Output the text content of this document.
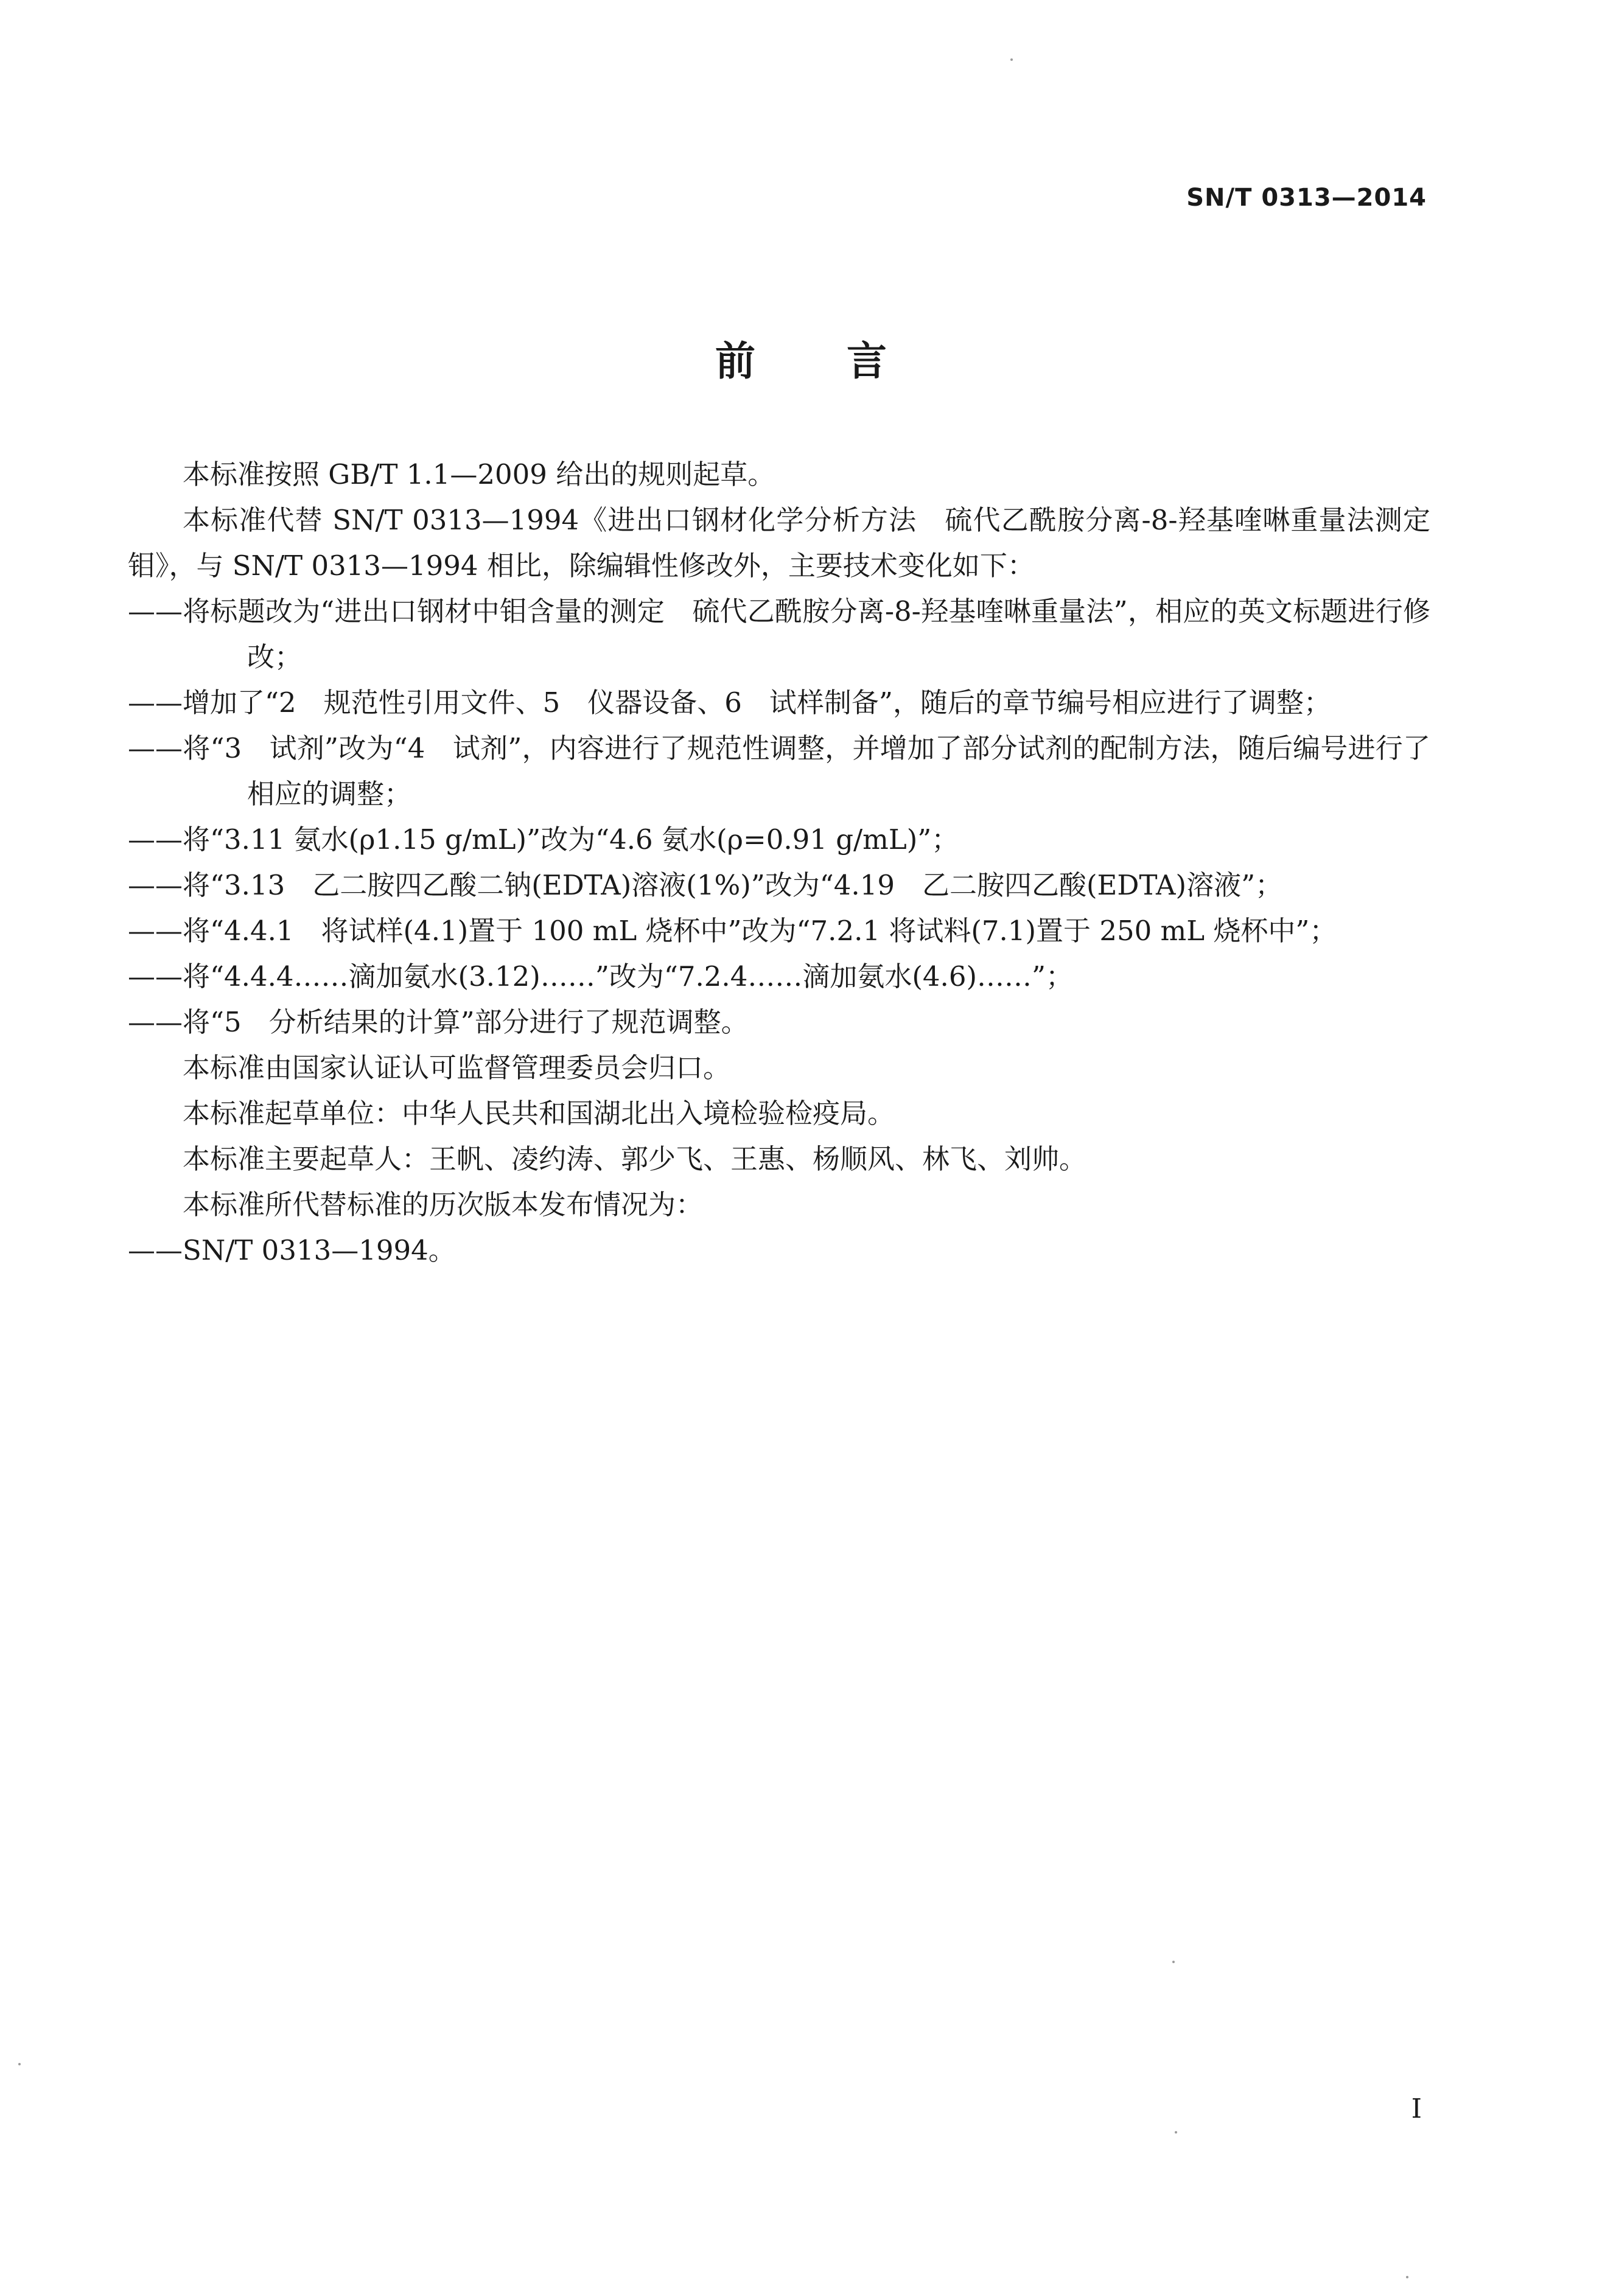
SN/T 0313—2014
前言

本标准按照 GB/T 1.1—2009 给出的规则起草。

本标准代替 SN/T 0313—1994《进出口钢材化学分析方法　硫代乙酰胺分离-8-羟基喹啉重量法测定钼》，与 SN/T 0313—1994 相比，除编辑性修改外，主要技术变化如下：

——将标题改为“进出口钢材中钼含量的测定　硫代乙酰胺分离-8-羟基喹啉重量法”，相应的英文标题进行修改；

——增加了“2　规范性引用文件、5　仪器设备、6　试样制备”，随后的章节编号相应进行了调整；

——将“3　试剂”改为“4　试剂”，内容进行了规范性调整，并增加了部分试剂的配制方法，随后编号进行了相应的调整；

——将“3.11 氨水(ρ1.15 g/mL)”改为“4.6 氨水(ρ=0.91 g/mL)”；

——将“3.13　乙二胺四乙酸二钠(EDTA)溶液(1%)”改为“4.19　乙二胺四乙酸(EDTA)溶液”；

——将“4.4.1　将试样(4.1)置于 100 mL 烧杯中”改为“7.2.1 将试料(7.1)置于 250 mL 烧杯中”；

——将“4.4.4……滴加氨水(3.12)……”改为“7.2.4……滴加氨水(4.6)……”；

——将“5　分析结果的计算”部分进行了规范调整。

本标准由国家认证认可监督管理委员会归口。

本标准起草单位：中华人民共和国湖北出入境检验检疫局。

本标准主要起草人：王帆、凌约涛、郭少飞、王惠、杨顺风、林飞、刘帅。

本标准所代替标准的历次版本发布情况为：

——SN/T 0313—1994。

I
